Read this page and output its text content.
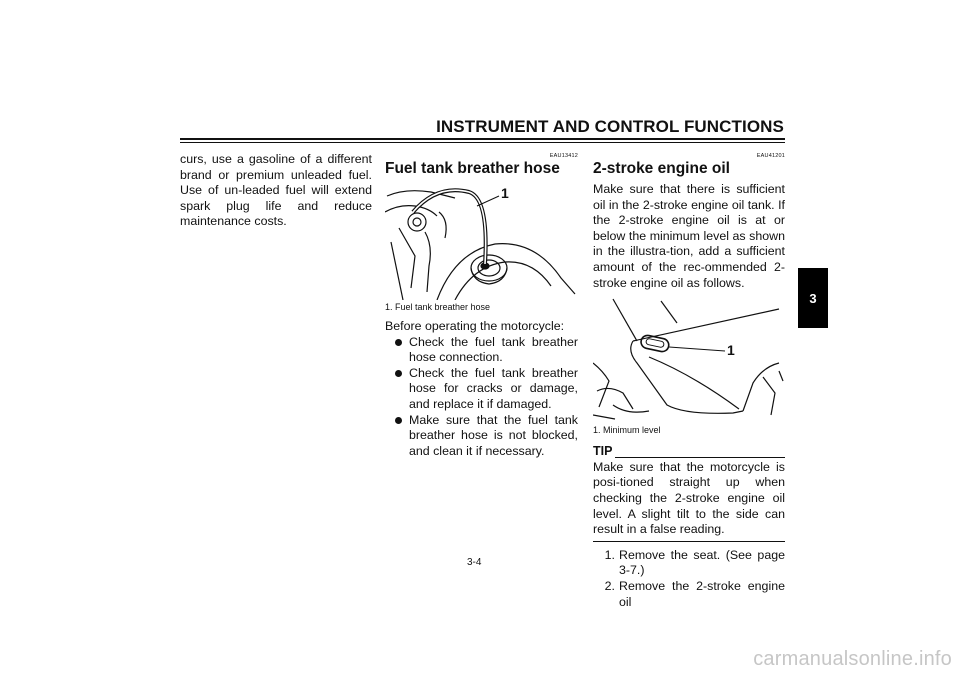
INSTRUMENT AND CONTROL FUNCTIONS

curs, use a gasoline of a different brand or premium unleaded fuel. Use of un-leaded fuel will extend spark plug life and reduce maintenance costs.

EAU13412
Fuel tank breather hose
1
1. Fuel tank breather hose

Before operating the motorcycle:

Check the fuel tank breather hose connection.
Check the fuel tank breather hose for cracks or damage, and replace it if damaged.
Make sure that the fuel tank breather hose is not blocked, and clean it if necessary.
EAU41201
2-stroke engine oil

Make sure that there is sufficient oil in the 2-stroke engine oil tank. If the 2-stroke engine oil is at or below the minimum level as shown in the illustra-tion, add a sufficient amount of the rec-ommended 2-stroke engine oil as follows.

1
1. Minimum level
TIP

Make sure that the motorcycle is posi-tioned straight up when checking the 2-stroke engine oil level. A slight tilt to the side can result in a false reading.

1. Remove the seat. (See page 3-7.)
2. Remove the 2-stroke engine oil
3-4
3
carmanualsonline.info
